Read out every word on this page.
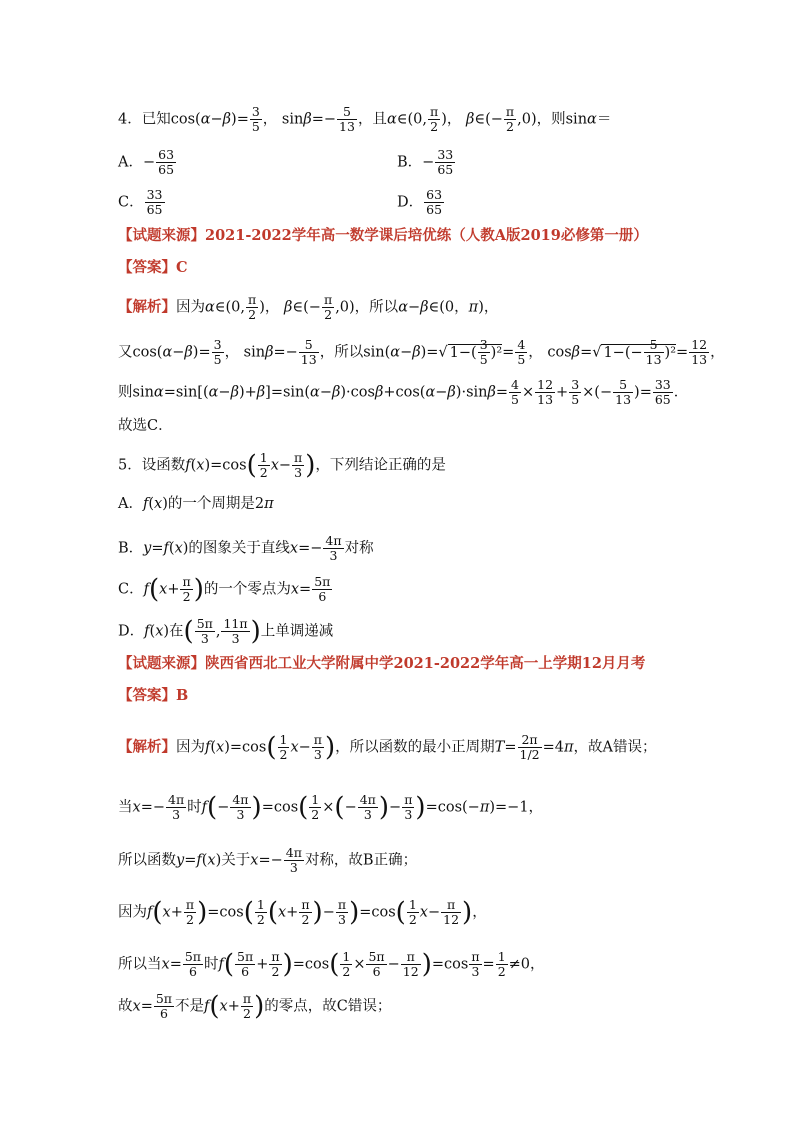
4．已知$\cos(\alpha-\beta)= \frac{3}{5}$ ， $\sin\beta=- \frac{5}{13}$ ，且α∈(0, $\frac{\pi}{2}$ )， β∈(− $\frac{\pi}{2} ,0$)，则sinα＝
A．− $\frac{63}{65}$	B．− $\frac{33}{65}$
C． $\frac{33}{65}$	D． $\frac{63}{65}$
【试题来源】2021-2022学年高一数学课后培优练（人教A版2019必修第一册）
【答案】C
【解析】因为α∈(0, $\frac{\pi}{2}$ )， β∈(− $\frac{\pi}{2} ,0$)，所以α−β∈(0，π)，
又$\cos(\alpha-\beta)= \frac{3}{5}$ ， $\sin\beta=- \frac{5}{13}$ ，所以sin(α−β)=√ $1-( \frac{3}{5} )^2= \frac{4}{5}$ ， cosβ=√ $1-(- \frac{5}{13} )^2= \frac{12}{13}$ ，
则$\sin\alpha=\sin[(\alpha-\beta)+\beta]=\sin(\alpha-\beta)\cdot\cos\beta+\cos(\alpha-\beta)\cdot\sin\beta= \frac{4}{5} \times \frac{12}{13} + \frac{3}{5}$ ×(− $\frac{5}{13}$ )= $\frac{33}{65}$ ．
故选C．
5．设函数$f(x)=\cos( \frac{1}{2} x- \frac{\pi}{3}$ )，下列结论正确的是
A．f(x)的一个周期是2π
B．y=f(x)的图象关于直线$x=- \frac{4\pi}{3}$ 对称
C．$f(x+ \frac{\pi}{2}$ )的一个零点为$x= \frac{5\pi}{6}$
D．f(x)在( $\frac{5\pi}{3}$ , $\frac{11\pi}{3}$ )上单调递减
【试题来源】陕西省西北工业大学附属中学2021-2022学年高一上学期12月月考
【答案】B
【解析】因为$f(x)=\cos( \frac{1}{2} x- \frac{\pi}{3}$ )，所以函数的最小正周期$T= \frac{2\pi}{1/2} =4\pi$，故A错误；
当$x=- \frac{4\pi}{3}$ 时$f(- \frac{4\pi}{3} )=\cos( \frac{1}{2}$ ×(− $\frac{4\pi}{3}$ )− $\frac{\pi}{3} )=\cos(-\pi)=-1$，
所以函数y=f(x)关于$x=- \frac{4\pi}{3}$ 对称，故B正确；
因为$f(x+ \frac{\pi}{2} )=\cos( \frac{1}{2} (x+ \frac{\pi}{2}$ )− $\frac{\pi}{3} )=\cos( \frac{1}{2} x- \frac{\pi}{12}$ )，
所以当$x= \frac{5\pi}{6}$ 时$f( \frac{5\pi}{6} + \frac{\pi}{2} )=\cos( \frac{1}{2} \times \frac{5\pi}{6} - \frac{\pi}{12} )=\cos \frac{\pi}{3} = \frac{1}{2} \ne 0$，
故$x= \frac{5\pi}{6}$ 不是$f(x+ \frac{\pi}{2}$ )的零点，故C错误；
